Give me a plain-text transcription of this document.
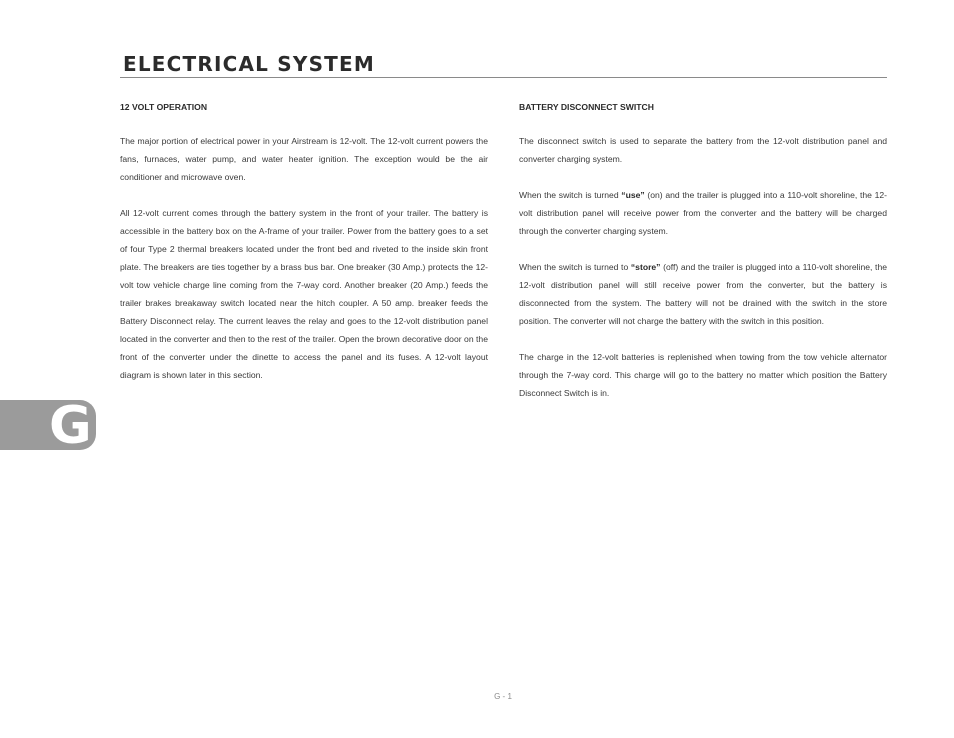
ELECTRICAL SYSTEM
12 VOLT OPERATION

The major portion of electrical power in your Airstream is 12-volt. The 12-volt current powers the fans, furnaces, water pump, and water heater ignition. The exception would be the air conditioner and microwave oven.

All 12-volt current comes through the battery system in the front of your trailer. The battery is accessible in the battery box on the A-frame of your trailer. Power from the battery goes to a set of four Type 2 thermal breakers located under the front bed and riveted to the inside skin front plate. The breakers are ties together by a brass bus bar. One breaker (30 Amp.) protects the 12-volt tow vehicle charge line coming from the 7-way cord. Another breaker (20 Amp.) feeds the trailer brakes breakaway switch located near the hitch coupler. A 50 amp. breaker feeds the Battery Disconnect relay. The current leaves the relay and goes to the 12-volt distribution panel located in the converter and then to the rest of the trailer. Open the brown decorative door on the front of the converter under the dinette to access the panel and its fuses. A 12-volt layout diagram is shown later in this section.

BATTERY DISCONNECT SWITCH

The disconnect switch is used to separate the battery from the 12-volt distribution panel and converter charging system.

When the switch is turned “use” (on) and the trailer is plugged into a 110-volt shoreline, the 12-volt distribution panel will receive power from the converter and the battery will be charged through the converter charging system.

When the switch is turned to “store” (off) and the trailer is plugged into a 110-volt shoreline, the 12-volt distribution panel will still receive power from the converter, but the battery is disconnected from the system. The battery will not be drained with the switch in the store position. The converter will not charge the battery with the switch in this position.

The charge in the 12-volt batteries is replenished when towing from the tow vehicle alternator through the 7-way cord. This charge will go to the battery no matter which position the Battery Disconnect Switch is in.

G
G - 1
